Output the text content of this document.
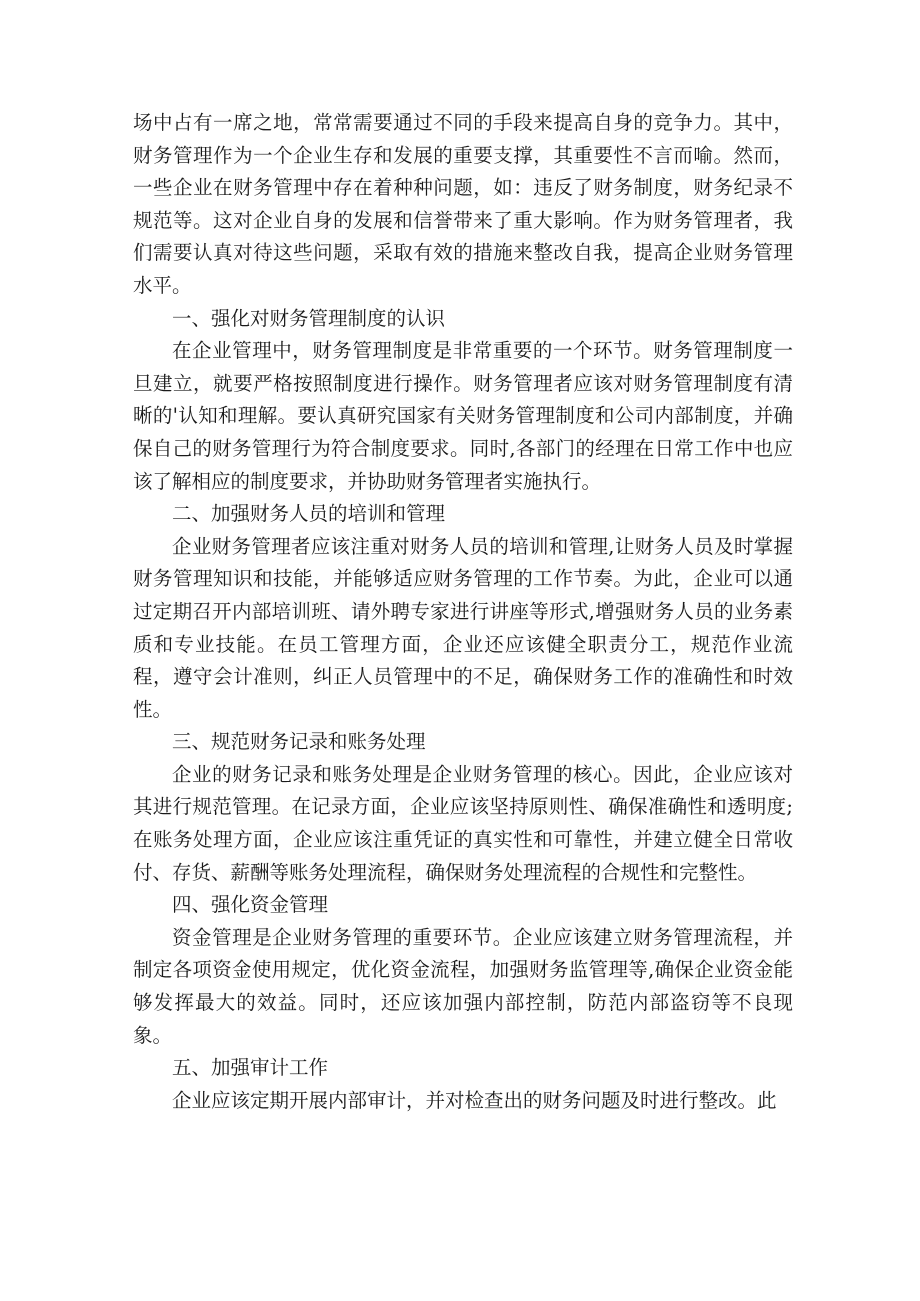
场中占有一席之地，常常需要通过不同的手段来提高自身的竞争力。其中，财务管理作为一个企业生存和发展的重要支撑，其重要性不言而喻。然而，一些企业在财务管理中存在着种种问题，如：违反了财务制度，财务纪录不规范等。这对企业自身的发展和信誉带来了重大影响。作为财务管理者，我们需要认真对待这些问题，采取有效的措施来整改自我，提高企业财务管理水平。

一、强化对财务管理制度的认识

在企业管理中，财务管理制度是非常重要的一个环节。财务管理制度一旦建立，就要严格按照制度进行操作。财务管理者应该对财务管理制度有清晰的'认知和理解。要认真研究国家有关财务管理制度和公司内部制度，并确保自己的财务管理行为符合制度要求。同时,各部门的经理在日常工作中也应该了解相应的制度要求，并协助财务管理者实施执行。

二、加强财务人员的培训和管理

企业财务管理者应该注重对财务人员的培训和管理,让财务人员及时掌握财务管理知识和技能，并能够适应财务管理的工作节奏。为此，企业可以通过定期召开内部培训班、请外聘专家进行讲座等形式,增强财务人员的业务素质和专业技能。在员工管理方面，企业还应该健全职责分工，规范作业流程，遵守会计准则，纠正人员管理中的不足，确保财务工作的准确性和时效性。

三、规范财务记录和账务处理

企业的财务记录和账务处理是企业财务管理的核心。因此，企业应该对其进行规范管理。在记录方面，企业应该坚持原则性、确保准确性和透明度;在账务处理方面，企业应该注重凭证的真实性和可靠性，并建立健全日常收付、存货、薪酬等账务处理流程，确保财务处理流程的合规性和完整性。

四、强化资金管理

资金管理是企业财务管理的重要环节。企业应该建立财务管理流程，并制定各项资金使用规定，优化资金流程，加强财务监管理等,确保企业资金能够发挥最大的效益。同时，还应该加强内部控制，防范内部盗窃等不良现象。

五、加强审计工作

企业应该定期开展内部审计，并对检查出的财务问题及时进行整改。此
